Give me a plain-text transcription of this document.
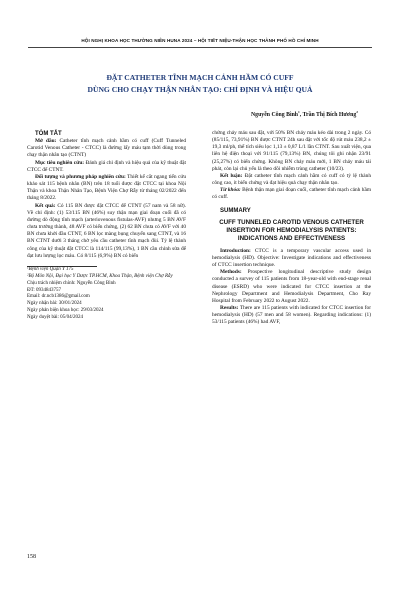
HỘI NGHỊ KHOA HỌC THƯỜNG NIÊN HUNA 2024 – HỘI TIẾT NIỆU-THẬN HỌC THÀNH PHỐ HỒ CHÍ MINH
ĐẶT CATHETER TĨNH MẠCH CẢNH HẦM CÓ CUFF
DÙNG CHO CHẠY THẬN NHÂN TẠO: CHỈ ĐỊNH VÀ HIỆU QUẢ
Nguyễn Công Bình$^1$, Trần Thị Bích Hương$^2$

TÓM TẮT

Mở đầu: Catheter tĩnh mạch cảnh hầm có cuff (Cuff Tunneled Carotid Venous Catheter - CTCC) là đường lấy máu tạm thời dùng trong chạy thận nhân tạo (CTNT)

Mục tiêu nghiên cứu: Đánh giá chỉ định và hiệu quả của kỹ thuật đặt CTCC để CTNT.

Đối tượng và phương pháp nghiên cứu: Thiết kế cắt ngang tiến cứu khảo sát 115 bệnh nhân (BN) trên 18 tuổi được đặt CTCC tại khoa Nội Thận và khoa Thận Nhân Tạo, Bệnh Viện Chợ Rẫy từ tháng 02/2022 đến tháng 8/2022.

Kết quả: Có 115 BN được đặt CTCC để CTNT (57 nam và 58 nữ). Về chỉ định: (1) 53/115 BN (46%) suy thận mạn giai đoạn cuối đã có đường dò động tĩnh mạch (arteriovenous fistulas-AVF) nhưng 5 BN AVF chưa trưởng thành, 48 AVF có biến chứng, (2) 62 BN chưa có AVF với 40 BN chưa khởi đầu CTNT, 6 BN lọc màng bụng chuyển sang CTNT, và 16 BN CTNT dưới 3 tháng chờ yêu cầu catheter tĩnh mạch đùi. Tỷ lệ thành công của kỹ thuật đặt CTCC là 114/115 (99,13%), 1 BN cần chỉnh sửa để đạt lưu lượng lọc máu. Có 8/115 (6,9%) BN có biến

¹Bệnh viện Quận Y 175

²Bộ Môn Nội, Đại học Y Dược TP.HCM, Khoa Thận, Bệnh viện Chợ Rẫy

Chịu trách nhiệm chính: Nguyễn Công Bình

ĐT: 0934843757

Email: dr.ncb1386@gmail.com

Ngày nhận bài: 30/01/2024

Ngày phản biện khoa học: 29/03/2024

Ngày duyệt bài: 05/04/2024

chứng chảy máu sau đặt, với 50% BN chảy máu kéo dài trong 2 ngày. Có (85/115, 73,91%) BN được CTNT 24h sau đặt với tốc độ rút máu 238,2 ± 19,3 ml/ph, thể tích siêu lọc 1,13 ± 0,87 L/1 lần CTNT. Sau xuất viện, qua liên hệ điện thoại với 91/115 (79,13%) BN, chúng tôi ghi nhận 23/91 (25,27%) có biến chứng. Không BN chảy máu mới, 1 BN chảy máu tái phát, còn lại chủ yếu là theo dõi nhiễm trùng catheter (10/23).

Kết luận: Đặt catheter tĩnh mạch cảnh hầm có cuff có tỷ lệ thành công cao, ít biến chứng và đạt hiệu quả chạy thận nhân tạo.

Từ khóa: Bệnh thận mạn giai đoạn cuối, catheter tĩnh mạch cảnh hầm có cuff.

SUMMARY

CUFF TUNNELED CAROTID VENOUS CATHETER INSERTION FOR HEMODIALYSIS PATIENTS: INDICATIONS AND EFFECTIVENESS

Introduction: CTCC is a temporary vascular access used in hemodialysis (HD). Objective: Investigate indications and effectiveness of CTCC insertion technique.

Methods: Prospective longitudinal descriptive study design conducted a survey of 115 patients from 18-year-old with end-stage renal disease (ESRD) who were indicated for CTCC insertion at the Nephrology Department and Hemodialysis Department, Cho Ray Hospital from February 2022 to August 2022.

Results: There are 115 patients with indicated for CTCC insertion for hemodialysis (HD) (57 men and 58 women). Regarding indications: (1) 53/115 patients (46%) had AVF,

158
